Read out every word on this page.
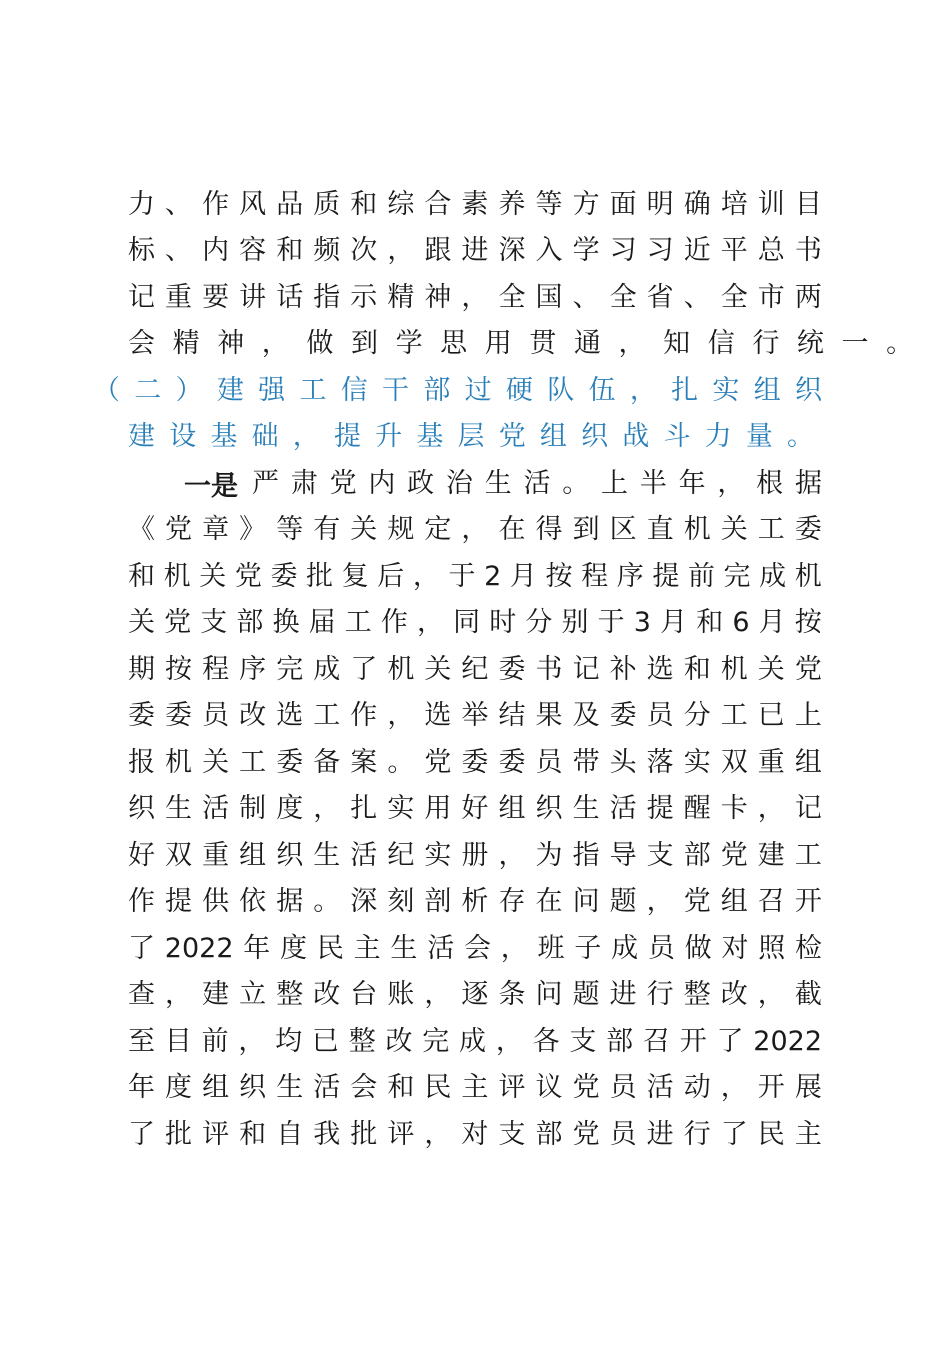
力 、 作 风 品 质 和 综 合 素 养 等 方 面 明 确 培 训 目
标 、 内 容 和 频 次 ， 跟 进 深 入 学 习 习 近 平 总 书
记 重 要 讲 话 指 示 精 神 ， 全 国 、 全 省 、 全 市 两
会 精 神 ， 做 到 学 思 用 贯 通 ， 知 信 行 统 一 。
（ 二 ） 建 强 工 信 干 部 过 硬 队 伍 ， 扎 实 组 织
建 设 基 础 ， 提 升 基 层 党 组 织 战 斗 力 量 。
一是 严 肃 党 内 政 治 生 活 。 上 半 年 ， 根 据
《 党 章 》 等 有 关 规 定 ， 在 得 到 区 直 机 关 工 委
和 机 关 党 委 批 复 后 ， 于 2 月 按 程 序 提 前 完 成 机
关 党 支 部 换 届 工 作 ， 同 时 分 别 于 3 月 和 6 月 按
期 按 程 序 完 成 了 机 关 纪 委 书 记 补 选 和 机 关 党
委 委 员 改 选 工 作 ， 选 举 结 果 及 委 员 分 工 已 上
报 机 关 工 委 备 案 。 党 委 委 员 带 头 落 实 双 重 组
织 生 活 制 度 ， 扎 实 用 好 组 织 生 活 提 醒 卡 ， 记
好 双 重 组 织 生 活 纪 实 册 ， 为 指 导 支 部 党 建 工
作 提 供 依 据 。 深 刻 剖 析 存 在 问 题 ， 党 组 召 开
了 2022 年 度 民 主 生 活 会 ， 班 子 成 员 做 对 照 检
查 ， 建 立 整 改 台 账 ， 逐 条 问 题 进 行 整 改 ， 截
至 目 前 ， 均 已 整 改 完 成 ， 各 支 部 召 开 了 2022
年 度 组 织 生 活 会 和 民 主 评 议 党 员 活 动 ， 开 展
了 批 评 和 自 我 批 评 ， 对 支 部 党 员 进 行 了 民 主
